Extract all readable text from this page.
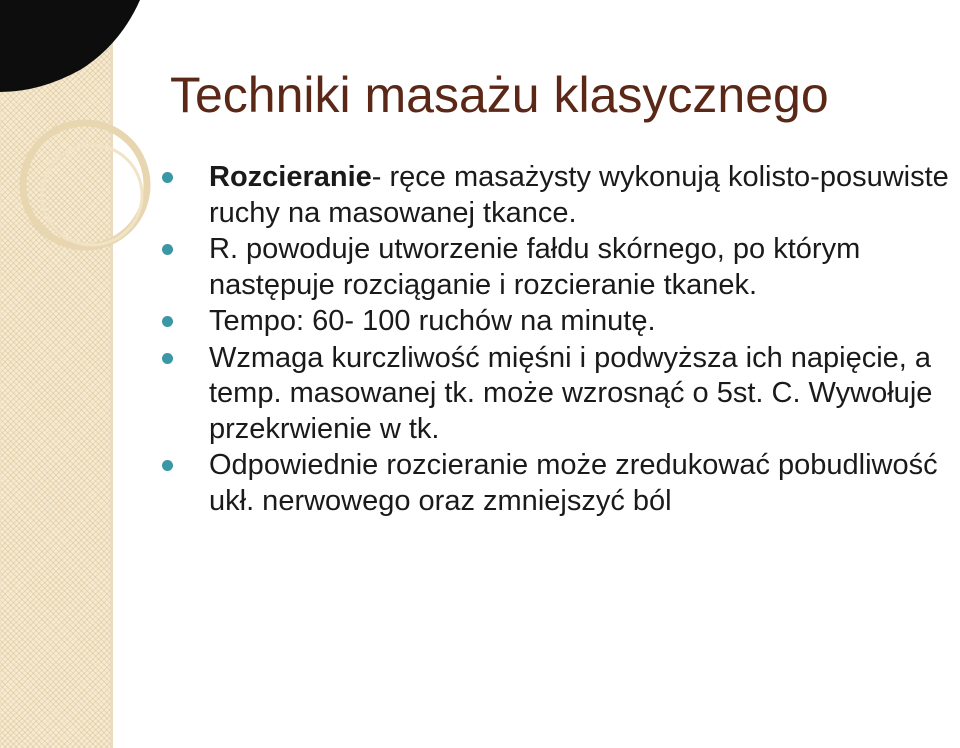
Techniki masażu klasycznego
Rozcieranie- ręce masażysty wykonują kolisto-posuwiste ruchy na masowanej tkance.
R. powoduje utworzenie fałdu skórnego, po którym następuje rozciąganie i rozcieranie tkanek.
Tempo: 60- 100 ruchów na minutę.
Wzmaga kurczliwość mięśni i podwyższa ich napięcie, a temp. masowanej tk. może wzrosnąć o 5st. C. Wywołuje przekrwienie w tk.
Odpowiednie rozcieranie może zredukować pobudliwość ukł. nerwowego oraz zmniejszyć ból
